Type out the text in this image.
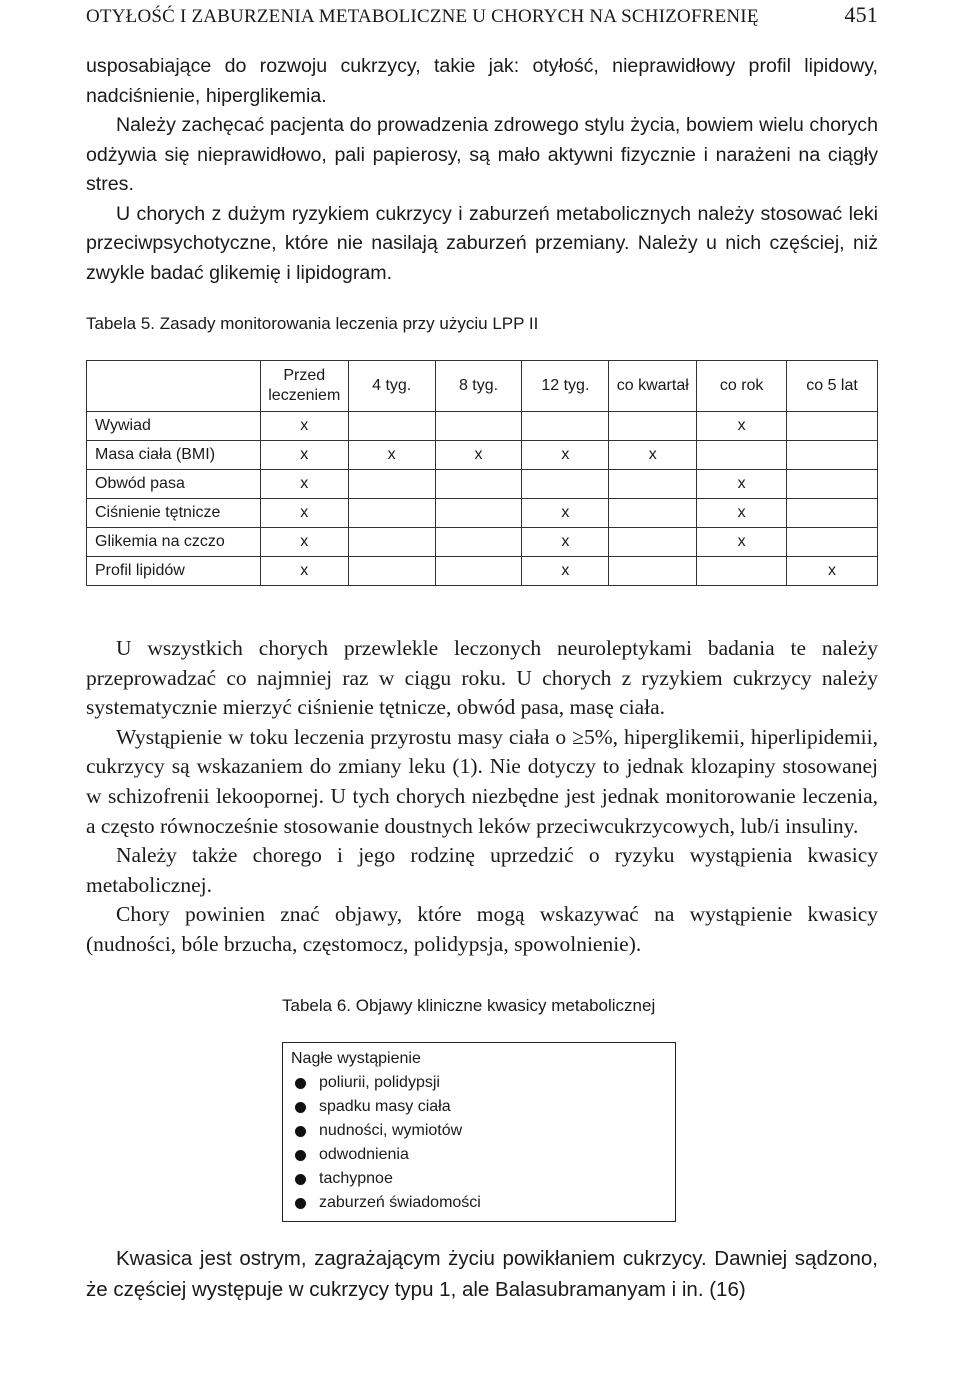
OTYŁOŚĆ I ZABURZENIA METABOLICZNE U CHORYCH NA SCHIZOFRENIĘ	451

usposabiające do rozwoju cukrzycy, takie jak: otyłość, nieprawidłowy profil lipidowy, nadciśnienie, hiperglikemia.

Należy zachęcać pacjenta do prowadzenia zdrowego stylu życia, bowiem wielu chorych odżywia się nieprawidłowo, pali papierosy, są mało aktywni fizycznie i narażeni na ciągły stres.

U chorych z dużym ryzykiem cukrzycy i zaburzeń metabolicznych należy stosować leki przeciwpsychotyczne, które nie nasilają zaburzeń przemiany. Należy u nich częściej, niż zwykle badać glikemię i lipidogram.

Tabela 5. Zasady monitorowania leczenia przy użyciu LPP II
	Przed leczeniem	4 tyg.	8 tyg.	12 tyg.	co kwartał	co rok	co 5 lat
Wywiad	x					x	
Masa ciała (BMI)	x	x	x	x	x		
Obwód pasa	x					x	
Ciśnienie tętnicze	x			x		x	
Glikemia na czczo	x			x		x	
Profil lipidów	x			x			x

U wszystkich chorych przewlekle leczonych neuroleptykami badania te należy przeprowadzać co najmniej raz w ciągu roku. U chorych z ryzykiem cukrzycy należy systematycznie mierzyć ciśnienie tętnicze, obwód pasa, masę ciała.

Wystąpienie w toku leczenia przyrostu masy ciała o ≥5%, hiperglikemii, hiperlipidemii, cukrzycy są wskazaniem do zmiany leku (1). Nie dotyczy to jednak klozapiny stosowanej w schizofrenii lekoopornej. U tych chorych niezbędne jest jednak monitorowanie leczenia, a często równocześnie stosowanie doustnych leków przeciwcukrzycowych, lub/i insuliny.

Należy także chorego i jego rodzinę uprzedzić o ryzyku wystąpienia kwasicy metabolicznej.

Chory powinien znać objawy, które mogą wskazywać na wystąpienie kwasicy (nudności, bóle brzucha, częstomocz, polidypsja, spowolnienie).

Tabela 6. Objawy kliniczne kwasicy metabolicznej
Nagłe wystąpienie
poliurii, polidypsji
spadku masy ciała
nudności, wymiotów
odwodnienia
tachypnoe
zaburzeń świadomości

Kwasica jest ostrym, zagrażającym życiu powikłaniem cukrzycy. Dawniej sądzono, że częściej występuje w cukrzycy typu 1, ale Balasubramanyam i in. (16)
